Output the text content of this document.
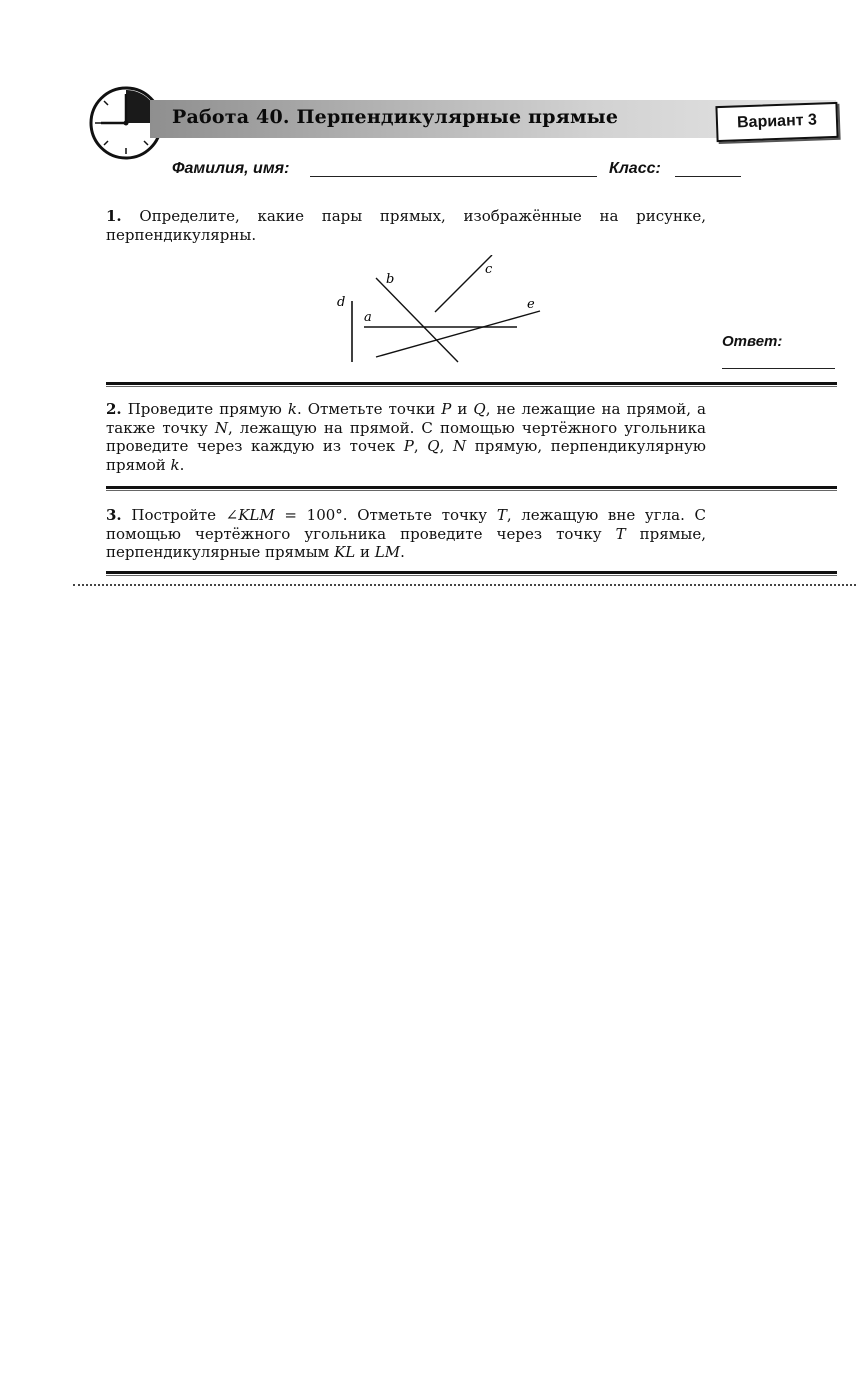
Работа 40. Перпендикулярные прямые	Вариант 3
Фамилия, имя:	Класс:
1. Определите, какие пары прямых, изображённые на рисунке, перпендикулярны.
d
a
b
c
e
Ответ:
2. Проведите прямую k. Отметьте точки P и Q, не лежащие на прямой, а также точку N, лежащую на прямой. С помощью чертёжного угольника проведите через каждую из точек P, Q, N прямую, перпендикулярную прямой k.
3. Постройте ∠KLM = 100°. Отметьте точку T, лежащую вне угла. С помощью чертёжного угольника проведите через точку T прямые, перпендикулярные прямым KL и LM.
